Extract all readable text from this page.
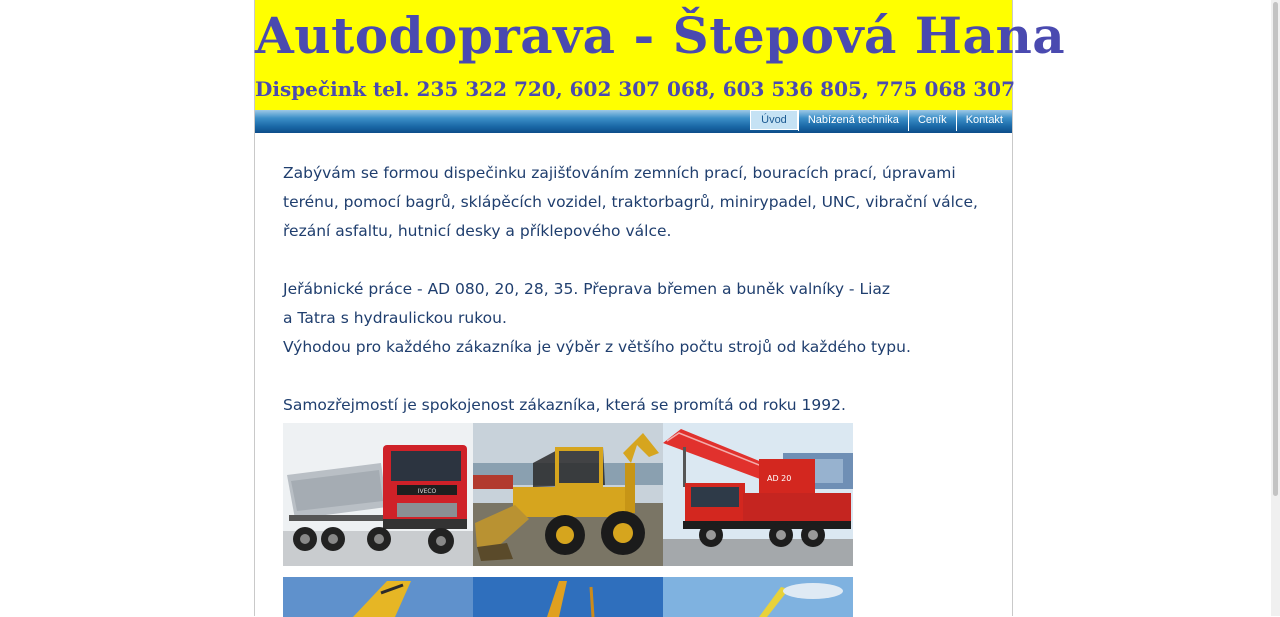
Autodoprava - Štepová Hana
Dispečink tel. 235 322 720, 602 307 068, 603 536 805, 775 068 307
Úvod	Nabízená technika	Ceník	Kontakt

Zabývám se formou dispečinku zajišťováním zemních prací, bouracích prací, úpravami

terénu, pomocí bagrů, sklápěcích vozidel, traktorbagrů, minirypadel, UNC, vibrační válce,

řezání asfaltu, hutnicí desky a příklepového válce.

Jeřábnické práce - AD 080, 20, 28, 35. Přeprava břemen a buněk valníky - Liaz

a Tatra s hydraulickou rukou.

Výhodou pro každého zákazníka je výběr z většího počtu strojů od každého typu.

Samozřejmostí je spokojenost zákazníka, která se promítá od roku 1992.

IVECO
AD 20
